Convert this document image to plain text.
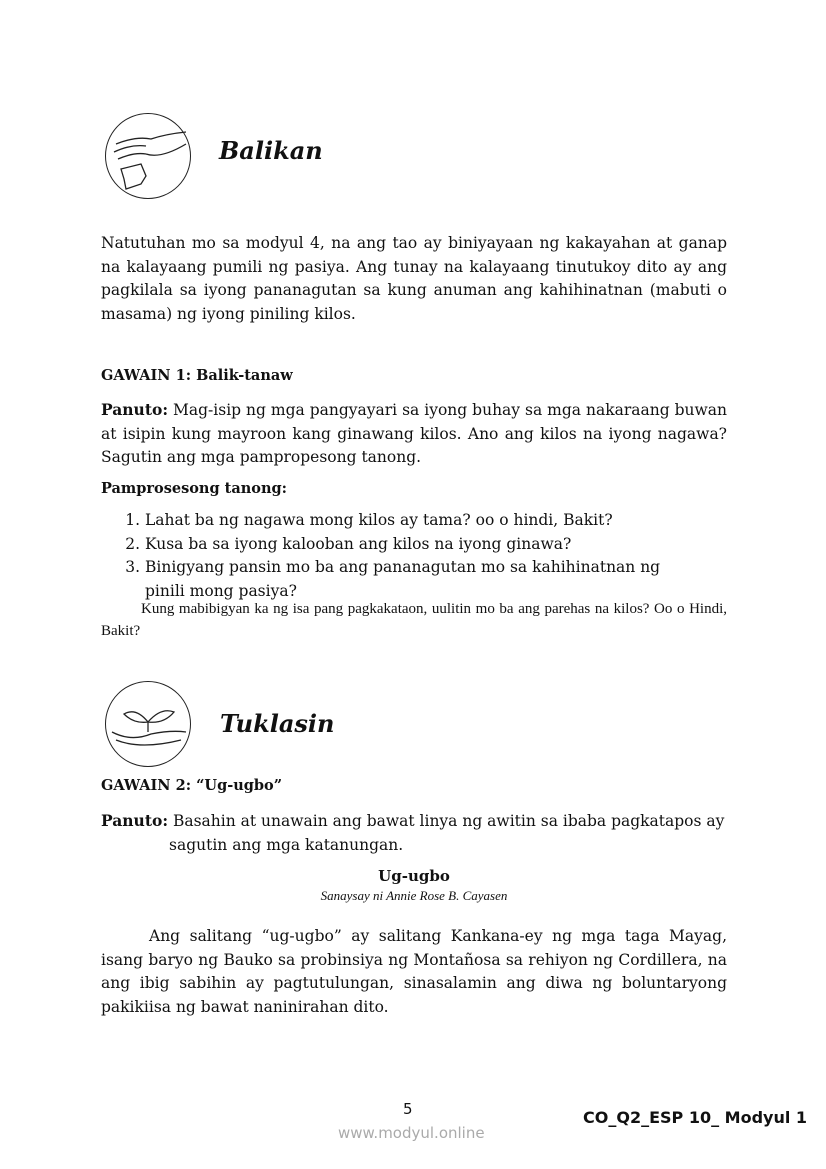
Balikan
Natutuhan mo sa modyul 4, na ang tao ay biniyayaan ng kakayahan at ganap na kalayaang pumili ng pasiya. Ang tunay na kalayaang tinutukoy dito ay ang pagkilala sa iyong pananagutan sa kung anuman ang kahihinatnan (mabuti o masama) ng iyong piniling kilos.
GAWAIN 1: Balik-tanaw
Panuto: Mag-isip ng mga pangyayari sa iyong buhay sa mga nakaraang buwan at isipin kung mayroon kang ginawang kilos. Ano ang kilos na iyong nagawa? Sagutin ang mga pampropesong tanong.
Pamprosesong tanong:
1. Lahat ba ng nagawa mong kilos ay tama? oo o hindi, Bakit?
2. Kusa ba sa iyong kalooban ang kilos na iyong ginawa?
3. Binigyang pansin mo ba ang pananagutan mo sa kahihinatnan ng pinili mong pasiya?
Kung mabibigyan ka ng isa pang pagkakataon, uulitin mo ba ang parehas na kilos? Oo o Hindi, Bakit?
Tuklasin
GAWAIN 2: “Ug-ugbo”
Panuto: Basahin at unawain ang bawat linya ng awitin sa ibaba pagkatapos ay sagutin ang mga katanungan.
Ug-ugbo
Sanaysay ni Annie Rose B. Cayasen
Ang salitang “ug-ugbo” ay salitang Kankana-ey ng mga taga Mayag, isang baryo ng Bauko sa probinsiya ng Montañosa sa rehiyon ng Cordillera, na ang ibig sabihin ay pagtutulungan, sinasalamin ang diwa ng boluntaryong pakikiisa ng bawat naninirahan dito.
5	CO_Q2_ESP 10_ Modyul 1
www.modyul.online
